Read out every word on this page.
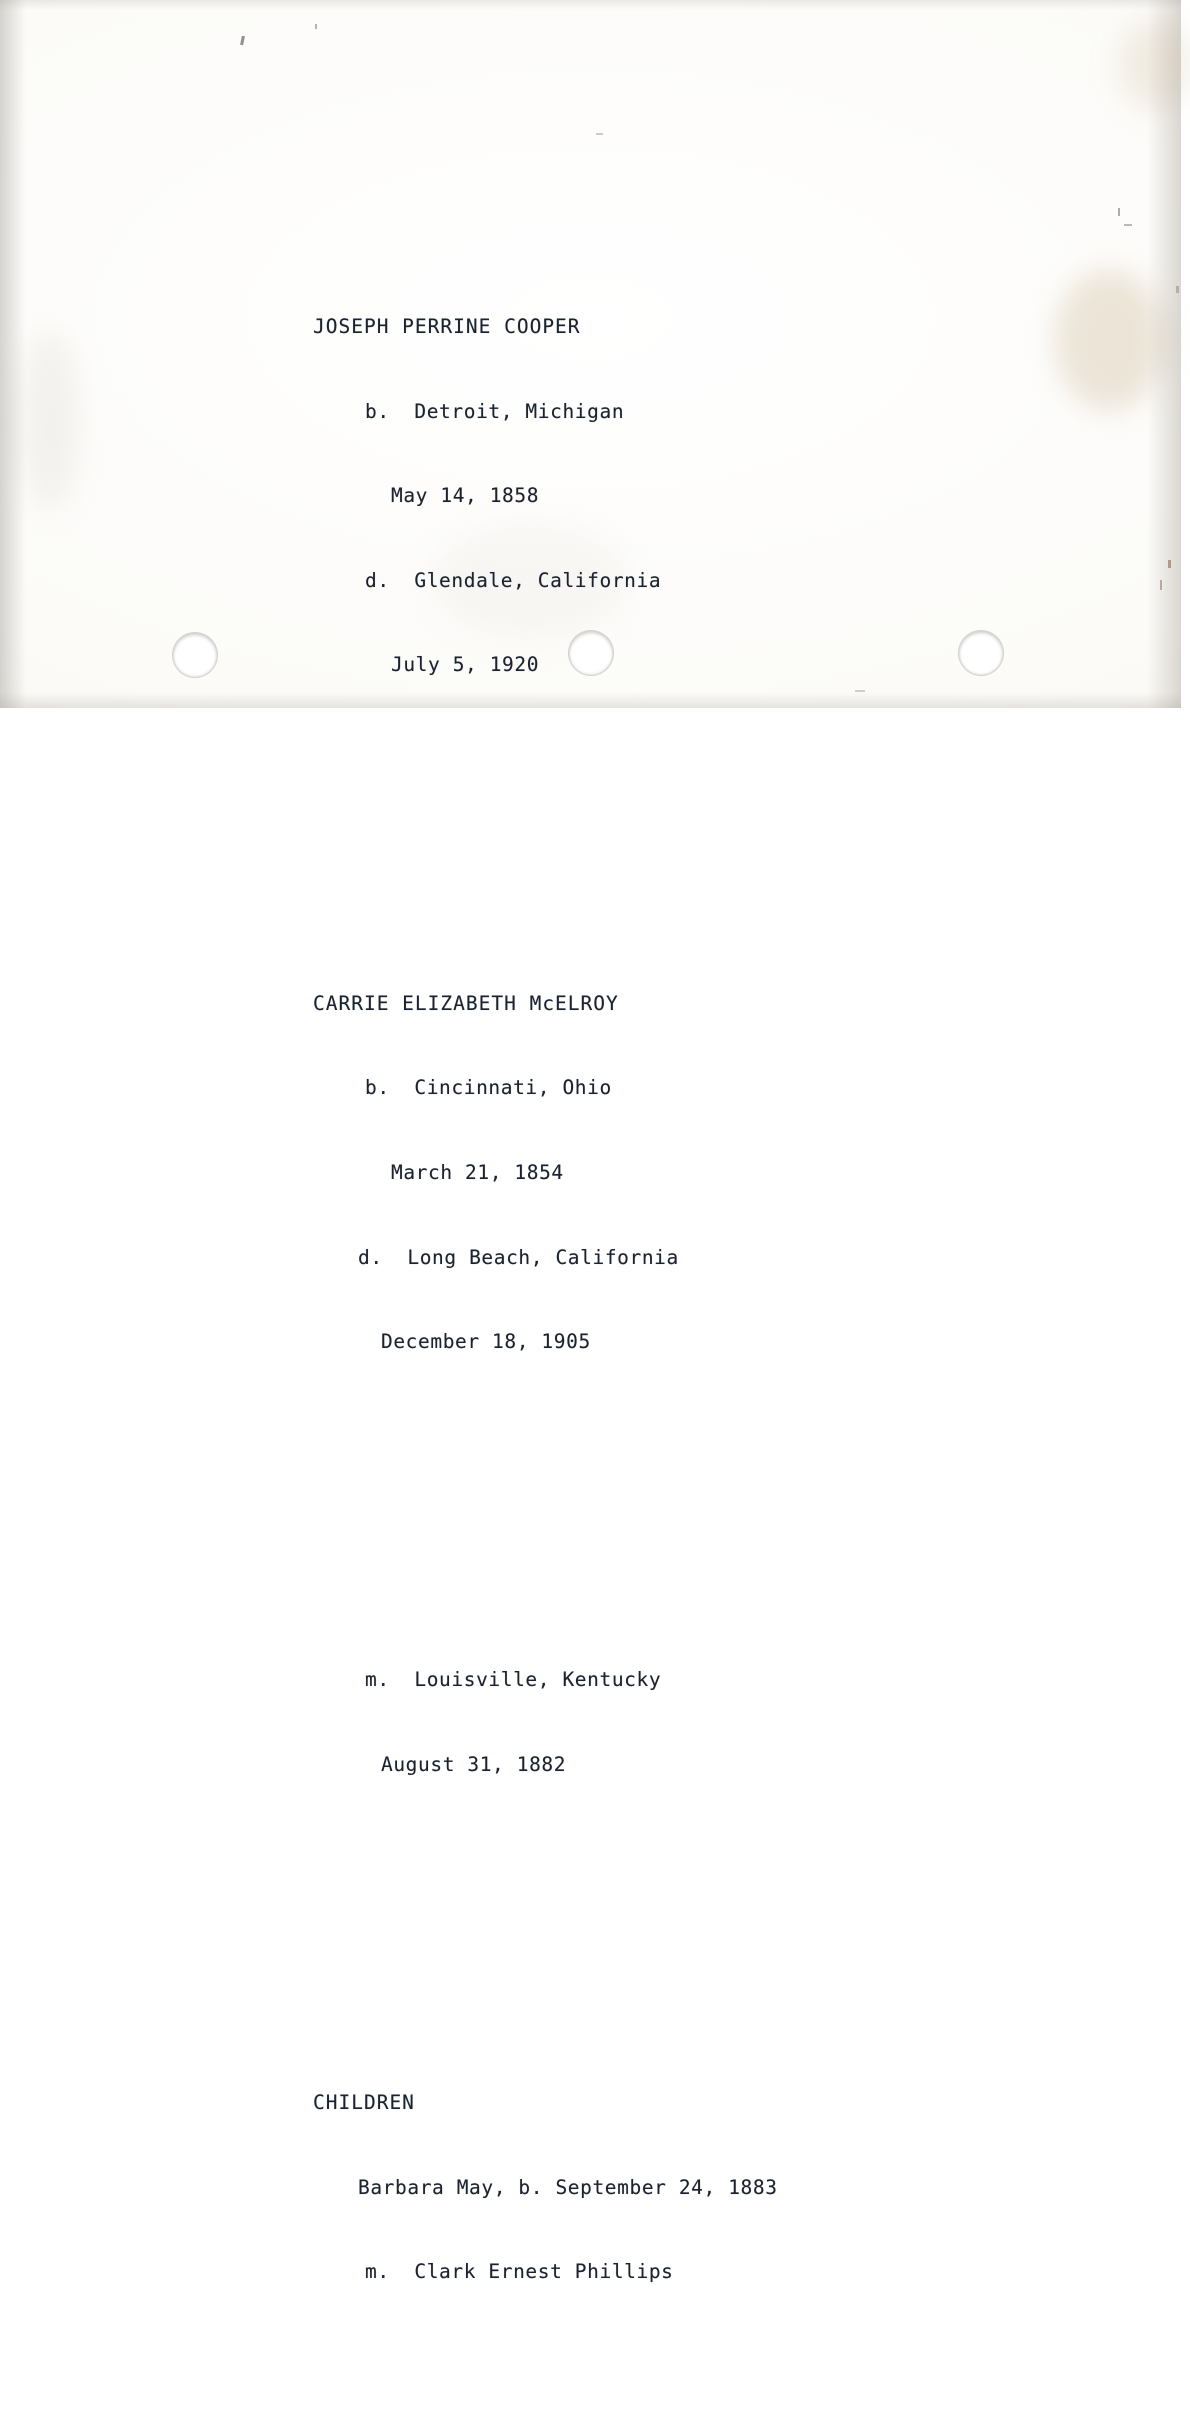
JOSEPH PERRINE COOPER

b. Detroit, Michigan

May 14, 1858

d. Glendale, California

July 5, 1920

CARRIE ELIZABETH McELROY

b. Cincinnati, Ohio

March 21, 1854

d. Long Beach, California

December 18, 1905

m. Louisville, Kentucky

August 31, 1882

CHILDREN

Barbara May, b. September 24, 1883

m. Clark Ernest Phillips
